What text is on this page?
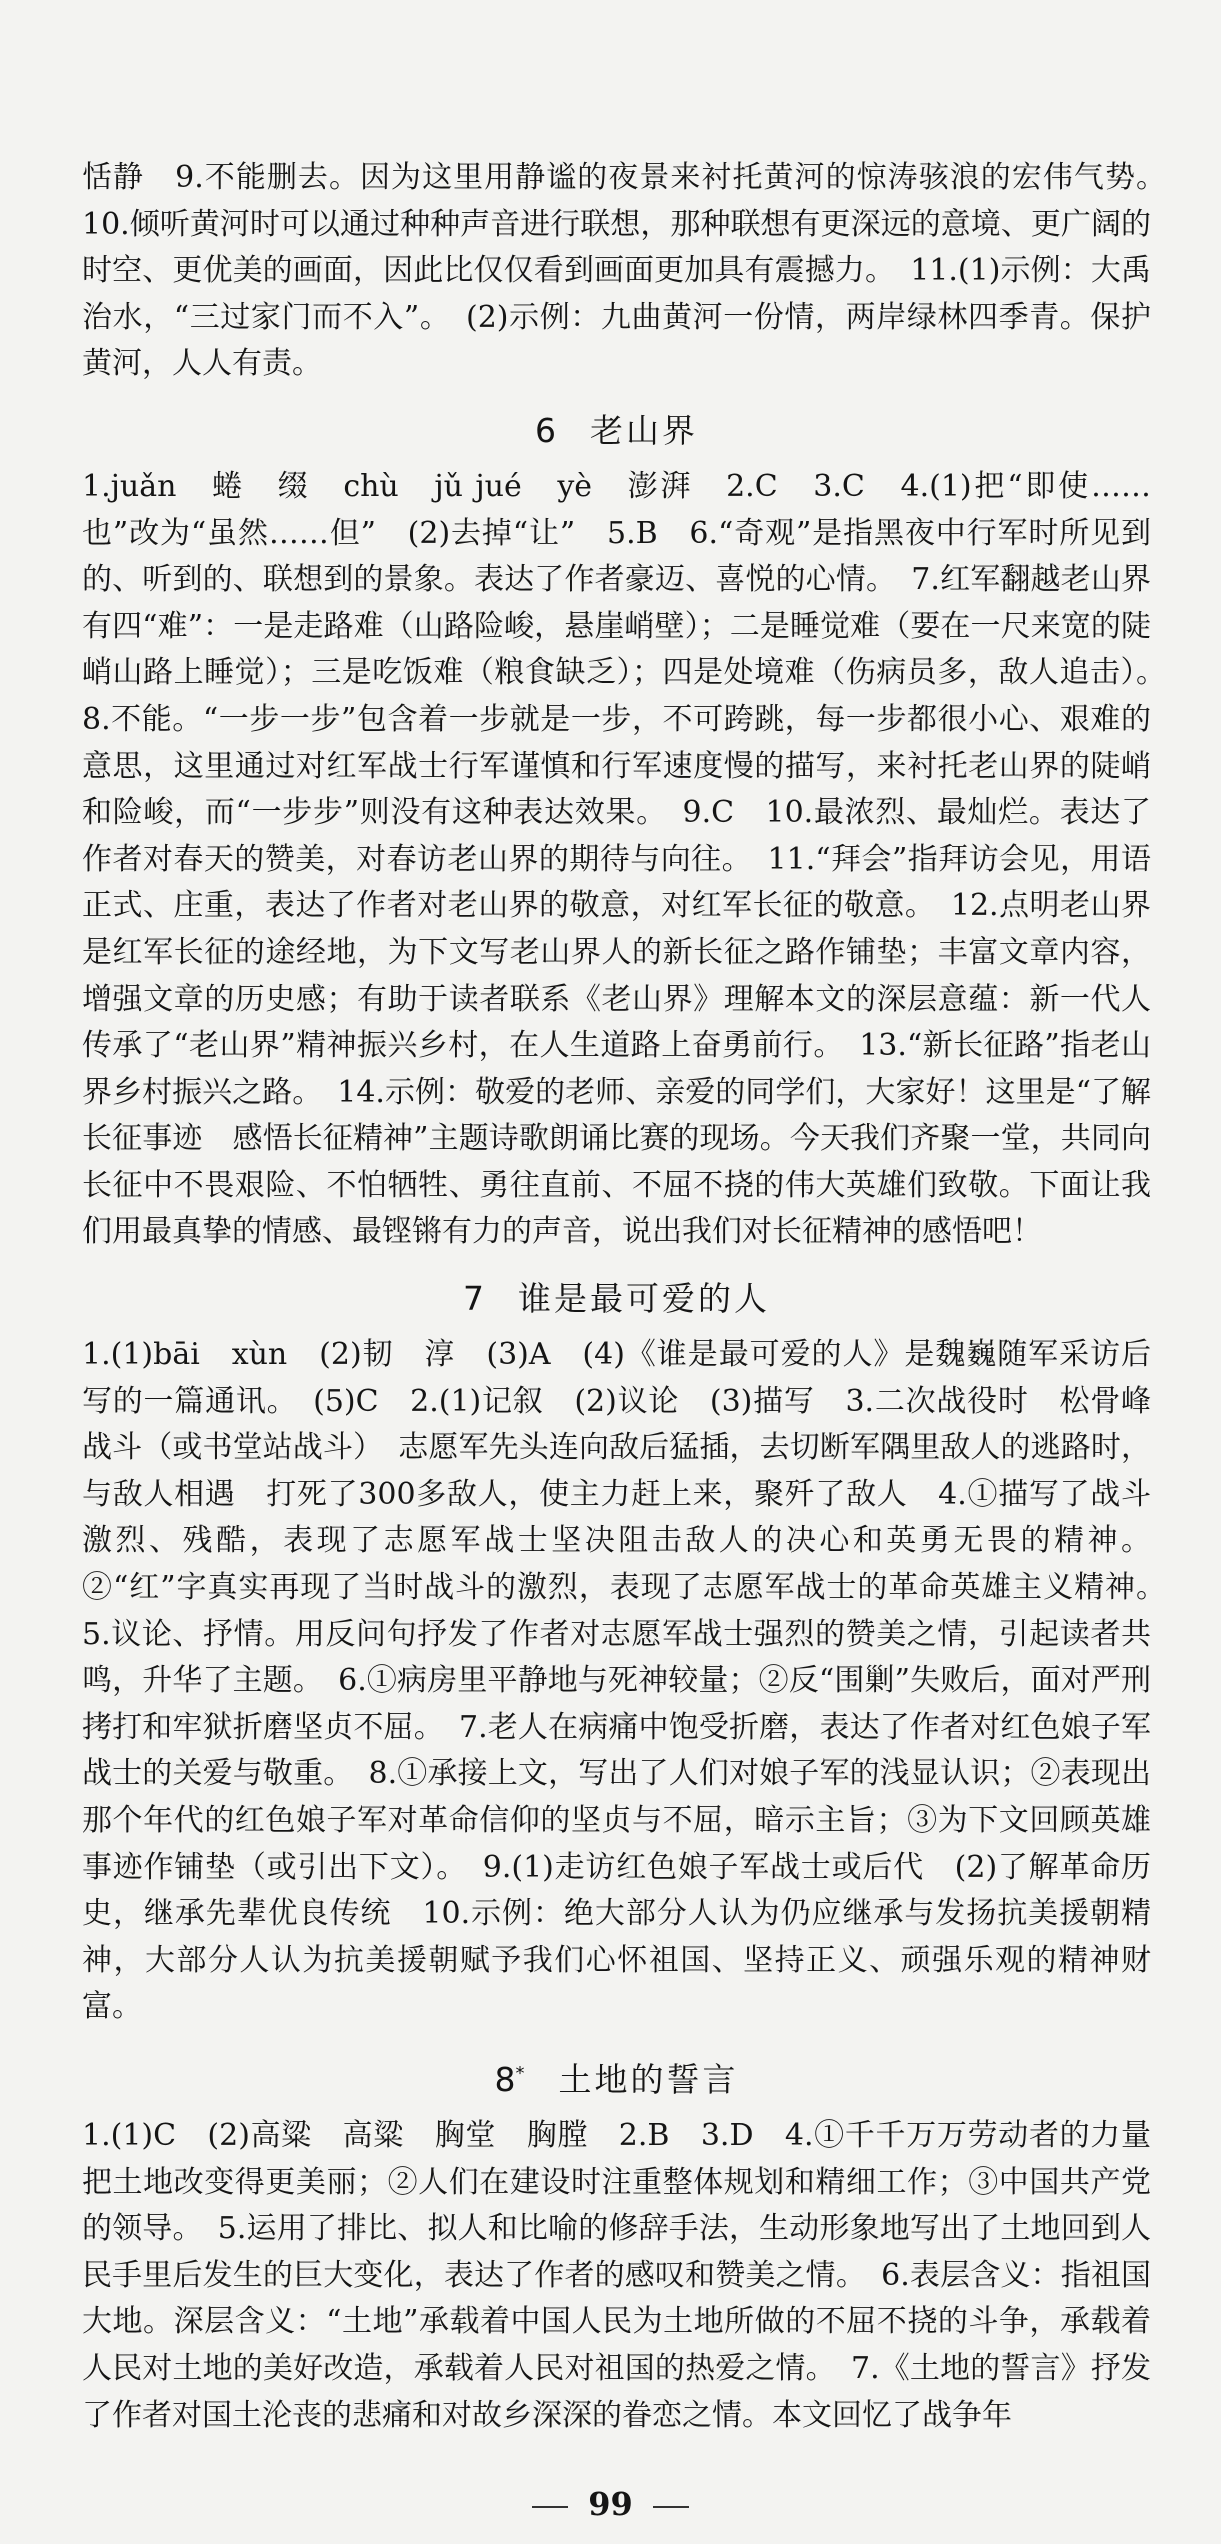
恬静　9.不能删去。因为这里用静谧的夜景来衬托黄河的惊涛骇浪的宏伟气势。　10.倾听黄河时可以通过种种声音进行联想，那种联想有更深远的意境、更广阔的时空、更优美的画面，因此比仅仅看到画面更加具有震撼力。　11.(1)示例：大禹治水，“三过家门而不入”。　(2)示例：九曲黄河一份情，两岸绿林四季青。保护黄河，人人有责。

6 老山界

1.juǎn　蜷　缀　chù　jǔ jué　yè　澎湃　2.C　3.C　4.(1)把“即使……也”改为“虽然……但”　(2)去掉“让”　5.B　6.“奇观”是指黑夜中行军时所见到的、听到的、联想到的景象。表达了作者豪迈、喜悦的心情。　7.红军翻越老山界有四“难”：一是走路难（山路险峻，悬崖峭壁）；二是睡觉难（要在一尺来宽的陡峭山路上睡觉）；三是吃饭难（粮食缺乏）；四是处境难（伤病员多，敌人追击）。　8.不能。“一步一步”包含着一步就是一步，不可跨跳，每一步都很小心、艰难的意思，这里通过对红军战士行军谨慎和行军速度慢的描写，来衬托老山界的陡峭和险峻，而“一步步”则没有这种表达效果。　9.C　10.最浓烈、最灿烂。表达了作者对春天的赞美，对春访老山界的期待与向往。　11.“拜会”指拜访会见，用语正式、庄重，表达了作者对老山界的敬意，对红军长征的敬意。　12.点明老山界是红军长征的途经地，为下文写老山界人的新长征之路作铺垫；丰富文章内容，增强文章的历史感；有助于读者联系《老山界》理解本文的深层意蕴：新一代人传承了“老山界”精神振兴乡村，在人生道路上奋勇前行。　13.“新长征路”指老山界乡村振兴之路。　14.示例：敬爱的老师、亲爱的同学们，大家好！这里是“了解长征事迹　感悟长征精神”主题诗歌朗诵比赛的现场。今天我们齐聚一堂，共同向长征中不畏艰险、不怕牺牲、勇往直前、不屈不挠的伟大英雄们致敬。下面让我们用最真挚的情感、最铿锵有力的声音，说出我们对长征精神的感悟吧！

7 谁是最可爱的人

1.(1)bāi　xùn　(2)韧　淳　(3)A　(4)《谁是最可爱的人》是魏巍随军采访后写的一篇通讯。　(5)C　2.(1)记叙　(2)议论　(3)描写　3.二次战役时　松骨峰战斗（或书堂站战斗）　志愿军先头连向敌后猛插，去切断军隅里敌人的逃路时，与敌人相遇　打死了300多敌人，使主力赶上来，聚歼了敌人　4.①描写了战斗激烈、残酷，表现了志愿军战士坚决阻击敌人的决心和英勇无畏的精神。②“红”字真实再现了当时战斗的激烈，表现了志愿军战士的革命英雄主义精神。　5.议论、抒情。用反问句抒发了作者对志愿军战士强烈的赞美之情，引起读者共鸣，升华了主题。　6.①病房里平静地与死神较量；②反“围剿”失败后，面对严刑拷打和牢狱折磨坚贞不屈。　7.老人在病痛中饱受折磨，表达了作者对红色娘子军战士的关爱与敬重。　8.①承接上文，写出了人们对娘子军的浅显认识；②表现出那个年代的红色娘子军对革命信仰的坚贞与不屈，暗示主旨；③为下文回顾英雄事迹作铺垫（或引出下文）。　9.(1)走访红色娘子军战士或后代　(2)了解革命历史，继承先辈优良传统　10.示例：绝大部分人认为仍应继承与发扬抗美援朝精神，大部分人认为抗美援朝赋予我们心怀祖国、坚持正义、顽强乐观的精神财富。

8* 土地的誓言

1.(1)C　(2)高粱　高粱　胸堂　胸膛　2.B　3.D　4.①千千万万劳动者的力量把土地改变得更美丽；②人们在建设时注重整体规划和精细工作；③中国共产党的领导。　5.运用了排比、拟人和比喻的修辞手法，生动形象地写出了土地回到人民手里后发生的巨大变化，表达了作者的感叹和赞美之情。　6.表层含义：指祖国大地。深层含义：“土地”承载着中国人民为土地所做的不屈不挠的斗争，承载着人民对土地的美好改造，承载着人民对祖国的热爱之情。　7.《土地的誓言》抒发了作者对国土沦丧的悲痛和对故乡深深的眷恋之情。本文回忆了战争年

99
